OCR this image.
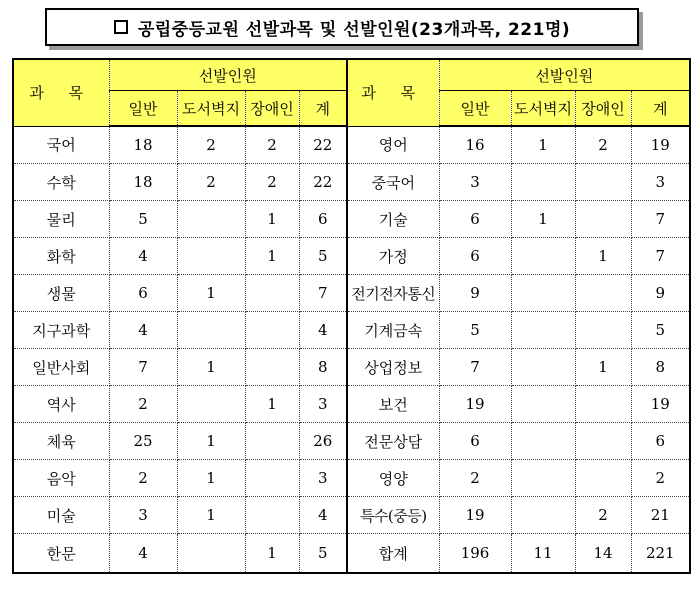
공립중등교원 선발과목 및 선발인원(23개과목, 221명)
과 목	선발인원				과 목	선발인원			
	일반	도서벽지	장애인	계		일반	도서벽지	장애인	계
국어	18	2	2	22	영어	16	1	2	19
수학	18	2	2	22	중국어	3			3
물리	5		1	6	기술	6	1		7
화학	4		1	5	가정	6		1	7
생물	6	1		7	전기전자통신	9			9
지구과학	4			4	기계금속	5			5
일반사회	7	1		8	상업정보	7		1	8
역사	2		1	3	보건	19			19
체육	25	1		26	전문상담	6			6
음악	2	1		3	영양	2			2
미술	3	1		4	특수(중등)	19		2	21
한문	4		1	5	합계	196	11	14	221
